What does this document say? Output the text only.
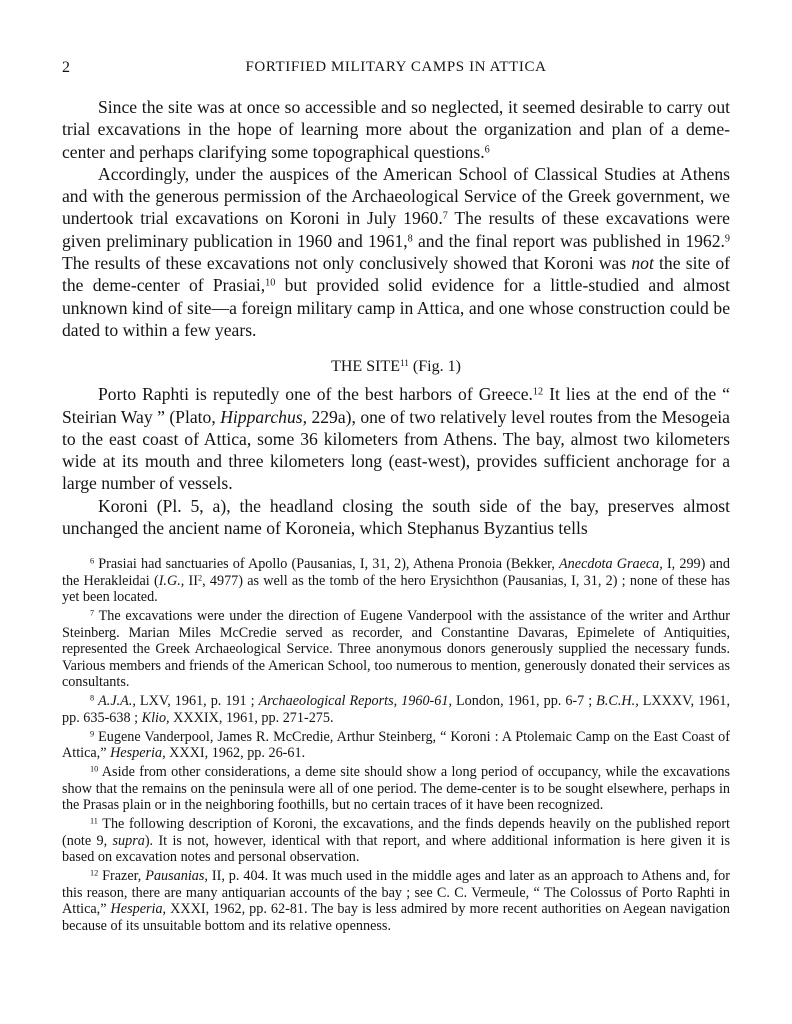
2	FORTIFIED MILITARY CAMPS IN ATTICA

Since the site was at once so accessible and so neglected, it seemed desirable to carry out trial excavations in the hope of learning more about the organization and plan of a deme-center and perhaps clarifying some topographical questions.$^6$

Accordingly, under the auspices of the American School of Classical Studies at Athens and with the generous permission of the Archaeological Service of the Greek government, we undertook trial excavations on Koroni in July 1960.$^7$ The results of these excavations were given preliminary publication in 1960 and 1961,$^8$ and the final report was published in 1962.$^9$ The results of these excavations not only conclusively showed that Koroni was not the site of the deme-center of Prasiai,$^{10}$ but provided solid evidence for a little-studied and almost unknown kind of site—a foreign military camp in Attica, and one whose construction could be dated to within a few years.

THE SITE$^{11}$ (Fig. 1)

Porto Raphti is reputedly one of the best harbors of Greece.$^{12}$ It lies at the end of the “ Steirian Way ” (Plato, Hipparchus, 229a), one of two relatively level routes from the Mesogeia to the east coast of Attica, some 36 kilometers from Athens. The bay, almost two kilometers wide at its mouth and three kilometers long (east-west), provides sufficient anchorage for a large number of vessels.

Koroni (Pl. 5, a), the headland closing the south side of the bay, preserves almost unchanged the ancient name of Koroneia, which Stephanus Byzantius tells

$^6$ Prasiai had sanctuaries of Apollo (Pausanias, I, 31, 2), Athena Pronoia (Bekker, Anecdota Graeca, I, 299) and the Herakleidai (I.G., $II^2$, 4977) as well as the tomb of the hero Erysichthon (Pausanias, I, 31, 2) ; none of these has yet been located.

$^7$ The excavations were under the direction of Eugene Vanderpool with the assistance of the writer and Arthur Steinberg. Marian Miles McCredie served as recorder, and Constantine Davaras, Epimelete of Antiquities, represented the Greek Archaeological Service. Three anonymous donors generously supplied the necessary funds. Various members and friends of the American School, too numerous to mention, generously donated their services as consultants.

$^8$ A.J.A., LXV, 1961, p. 191 ; Archaeological Reports, 1960-61, London, 1961, pp. 6-7 ; B.C.H., LXXXV, 1961, pp. 635-638 ; Klio, XXXIX, 1961, pp. 271-275.

$^9$ Eugene Vanderpool, James R. McCredie, Arthur Steinberg, “ Koroni : A Ptolemaic Camp on the East Coast of Attica,” Hesperia, XXXI, 1962, pp. 26-61.

$^{10}$ Aside from other considerations, a deme site should show a long period of occupancy, while the excavations show that the remains on the peninsula were all of one period. The deme-center is to be sought elsewhere, perhaps in the Prasas plain or in the neighboring foothills, but no certain traces of it have been recognized.

$^{11}$ The following description of Koroni, the excavations, and the finds depends heavily on the published report (note 9, supra). It is not, however, identical with that report, and where additional information is here given it is based on excavation notes and personal observation.

$^{12}$ Frazer, Pausanias, II, p. 404. It was much used in the middle ages and later as an approach to Athens and, for this reason, there are many antiquarian accounts of the bay ; see C. C. Vermeule, “ The Colossus of Porto Raphti in Attica,” Hesperia, XXXI, 1962, pp. 62-81. The bay is less admired by more recent authorities on Aegean navigation because of its unsuitable bottom and its relative openness.
